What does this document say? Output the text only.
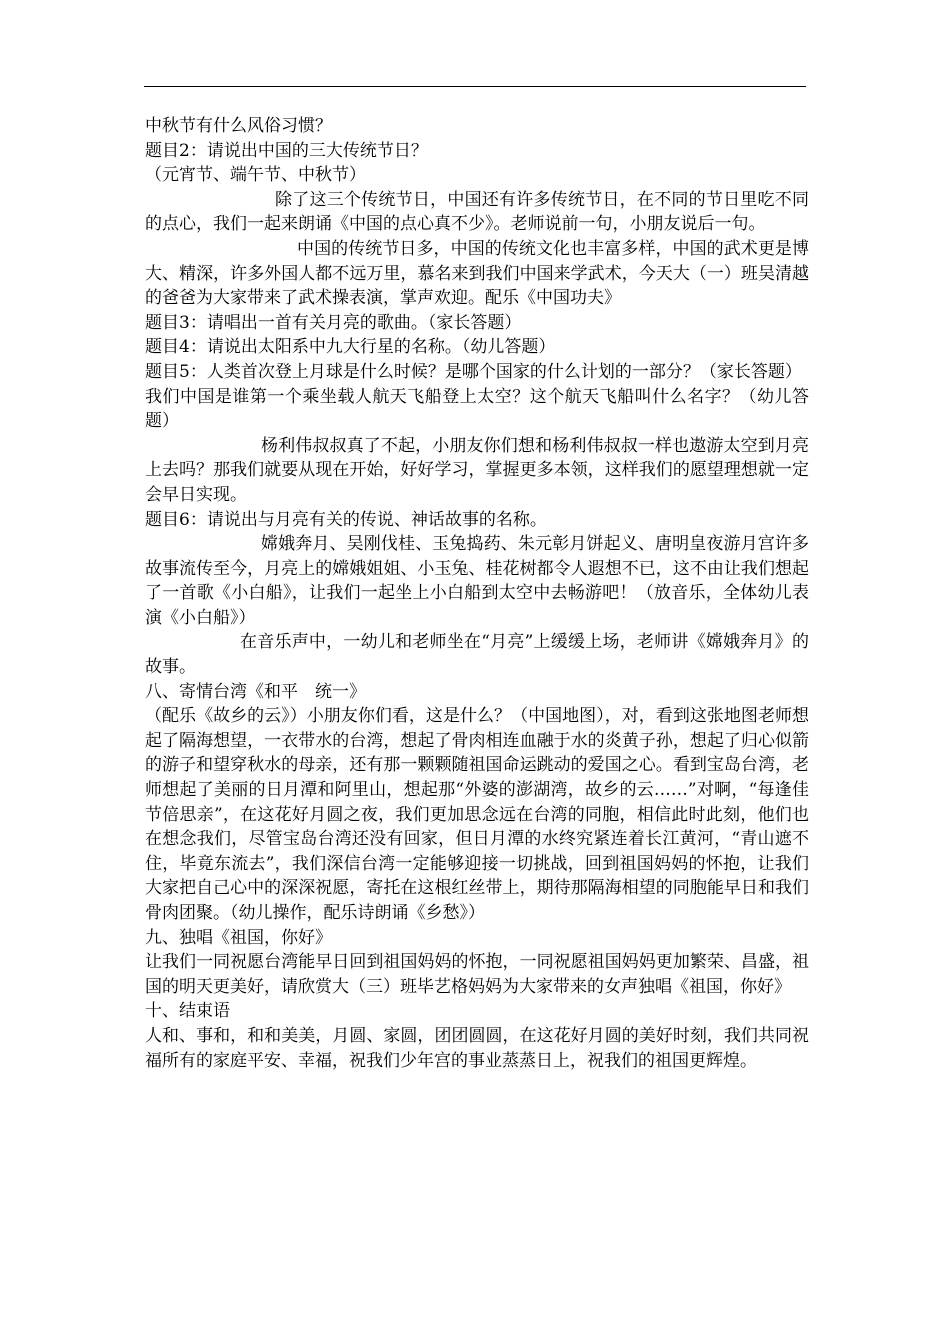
中秋节有什么风俗习惯？

题目2：请说出中国的三大传统节日？

（元宵节、端午节、中秋节）

除了这三个传统节日，中国还有许多传统节日，在不同的节日里吃不同的点心，我们一起来朗诵《中国的点心真不少》。老师说前一句，小朋友说后一句。

中国的传统节日多，中国的传统文化也丰富多样，中国的武术更是博大、精深，许多外国人都不远万里，慕名来到我们中国来学武术，今天大（一）班吴清越的爸爸为大家带来了武术操表演，掌声欢迎。配乐《中国功夫》

题目3：请唱出一首有关月亮的歌曲。（家长答题）

题目4：请说出太阳系中九大行星的名称。（幼儿答题）

题目5：人类首次登上月球是什么时候？是哪个国家的什么计划的一部分？（家长答题）

我们中国是谁第一个乘坐载人航天飞船登上太空？这个航天飞船叫什么名字？（幼儿答题）

杨利伟叔叔真了不起，小朋友你们想和杨利伟叔叔一样也遨游太空到月亮上去吗？那我们就要从现在开始，好好学习，掌握更多本领，这样我们的愿望理想就一定会早日实现。

题目6：请说出与月亮有关的传说、神话故事的名称。

嫦娥奔月、吴刚伐桂、玉兔捣药、朱元彰月饼起义、唐明皇夜游月宫许多故事流传至今，月亮上的嫦娥姐姐、小玉兔、桂花树都令人遐想不已，这不由让我们想起了一首歌《小白船》，让我们一起坐上小白船到太空中去畅游吧！（放音乐，全体幼儿表演《小白船》）

在音乐声中，一幼儿和老师坐在“月亮”上缓缓上场，老师讲《嫦娥奔月》的故事。

八、寄情台湾《和平　统一》

（配乐《故乡的云》）小朋友你们看，这是什么？（中国地图），对，看到这张地图老师想起了隔海想望，一衣带水的台湾，想起了骨肉相连血融于水的炎黄子孙，想起了归心似箭的游子和望穿秋水的母亲，还有那一颗颗随祖国命运跳动的爱国之心。看到宝岛台湾，老师想起了美丽的日月潭和阿里山，想起那“外婆的澎湖湾，故乡的云……”对啊，“每逢佳节倍思亲”，在这花好月圆之夜，我们更加思念远在台湾的同胞，相信此时此刻，他们也在想念我们，尽管宝岛台湾还没有回家，但日月潭的水终究紧连着长江黄河，“青山遮不住，毕竟东流去”，我们深信台湾一定能够迎接一切挑战，回到祖国妈妈的怀抱，让我们大家把自己心中的深深祝愿，寄托在这根红丝带上，期待那隔海相望的同胞能早日和我们骨肉团聚。（幼儿操作，配乐诗朗诵《乡愁》）

九、独唱《祖国，你好》

让我们一同祝愿台湾能早日回到祖国妈妈的怀抱，一同祝愿祖国妈妈更加繁荣、昌盛，祖国的明天更美好，请欣赏大（三）班毕艺格妈妈为大家带来的女声独唱《祖国，你好》

十、结束语

人和、事和，和和美美，月圆、家圆，团团圆圆，在这花好月圆的美好时刻，我们共同祝福所有的家庭平安、幸福，祝我们少年宫的事业蒸蒸日上，祝我们的祖国更辉煌。
